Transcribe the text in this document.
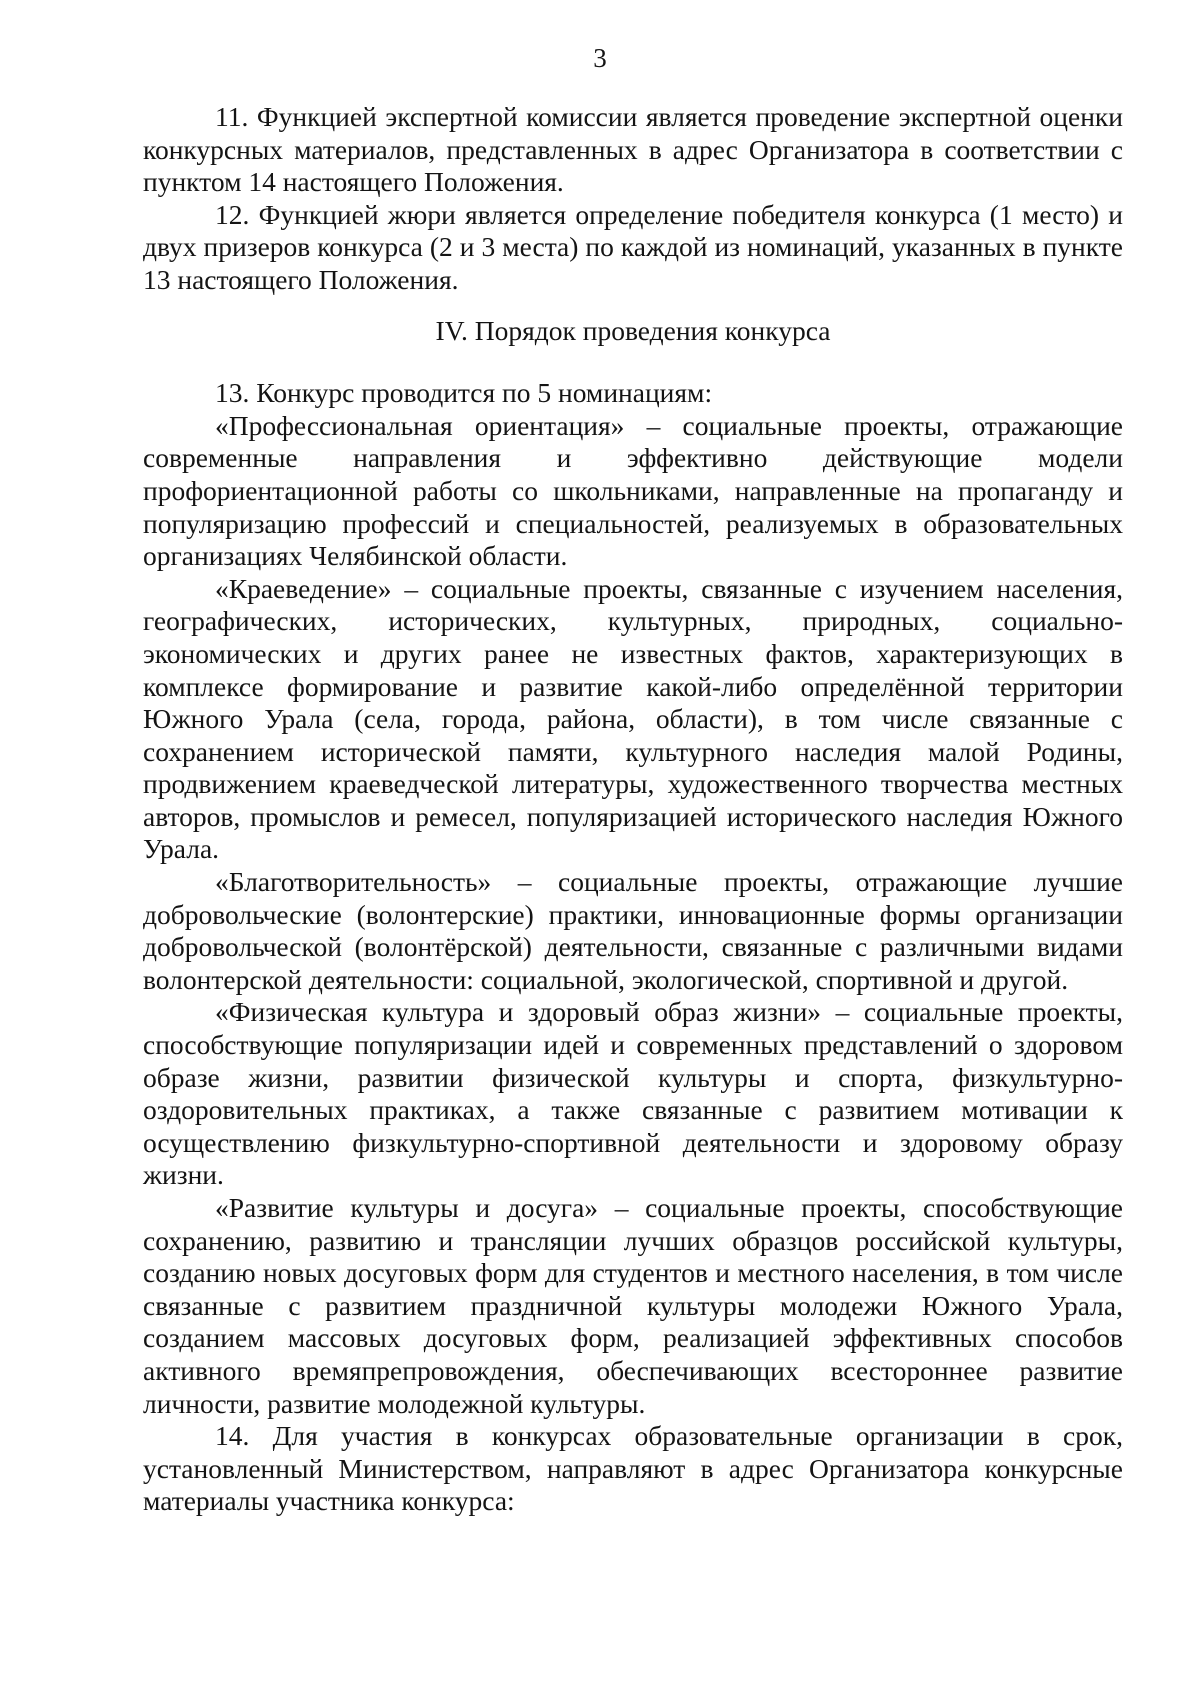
3

11. Функцией экспертной комиссии является проведение экспертной оценки конкурсных материалов, представленных в адрес Организатора в соответствии с пунктом 14 настоящего Положения.

12. Функцией жюри является определение победителя конкурса (1 место) и двух призеров конкурса (2 и 3 места) по каждой из номинаций, указанных в пункте 13 настоящего Положения.

IV. Порядок проведения конкурса

13. Конкурс проводится по 5 номинациям:

«Профессиональная ориентация» – социальные проекты, отражающие современные направления и эффективно действующие модели профориентационной работы со школьниками, направленные на пропаганду и популяризацию профессий и специальностей, реализуемых в образовательных организациях Челябинской области.

«Краеведение» – социальные проекты, связанные с изучением населения, географических, исторических, культурных, природных, социально-экономических и других ранее не известных фактов, характеризующих в комплексе формирование и развитие какой-либо определённой территории Южного Урала (села, города, района, области), в том числе связанные с сохранением исторической памяти, культурного наследия малой Родины, продвижением краеведческой литературы, художественного творчества местных авторов, промыслов и ремесел, популяризацией исторического наследия Южного Урала.

«Благотворительность» – социальные проекты, отражающие лучшие добровольческие (волонтерские) практики, инновационные формы организации добровольческой (волонтёрской) деятельности, связанные с различными видами волонтерской деятельности: социальной, экологической, спортивной и другой.

«Физическая культура и здоровый образ жизни» – социальные проекты, способствующие популяризации идей и современных представлений о здоровом образе жизни, развитии физической культуры и спорта, физкультурно-оздоровительных практиках, а также связанные с развитием мотивации к осуществлению физкультурно-спортивной деятельности и здоровому образу жизни.

«Развитие культуры и досуга» – социальные проекты, способствующие сохранению, развитию и трансляции лучших образцов российской культуры, созданию новых досуговых форм для студентов и местного населения, в том числе связанные с развитием праздничной культуры молодежи Южного Урала, созданием массовых досуговых форм, реализацией эффективных способов активного времяпрепровождения, обеспечивающих всестороннее развитие личности, развитие молодежной культуры.

14. Для участия в конкурсах образовательные организации в срок, установленный Министерством, направляют в адрес Организатора конкурсные материалы участника конкурса:
